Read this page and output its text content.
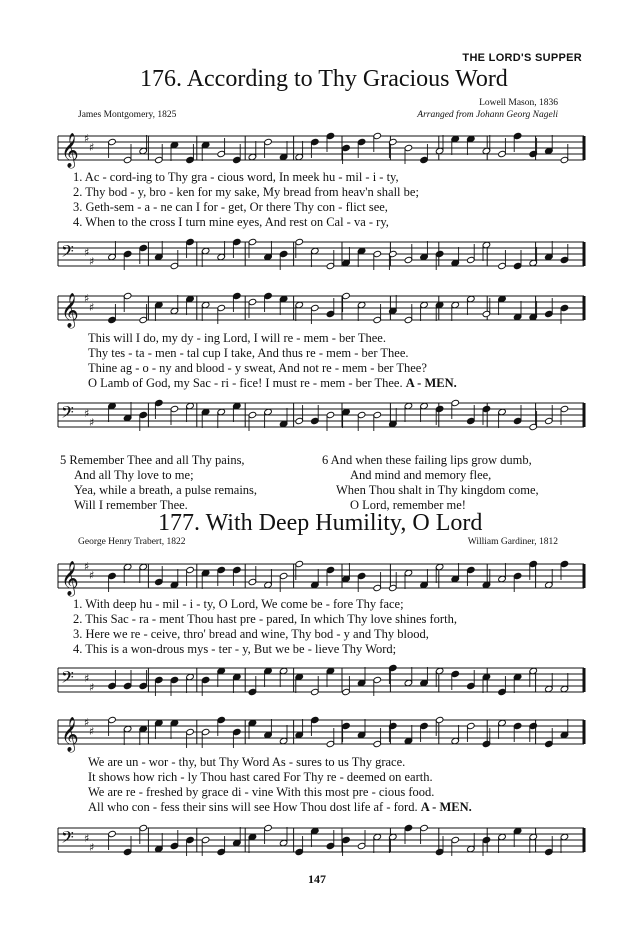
THE LORD'S SUPPER
176. According to Thy Gracious Word
Lowell Mason, 1836
James Montgomery, 1825	Arranged from Johann Georg Nageli
𝄞 ♯
♯
1. Ac - cord-ing to Thy gra - cious word, In meek hu - mil - i - ty,
2. Thy bod - y, bro - ken for my sake, My bread from heav'n shall be;
3. Geth-sem - a - ne can I for - get, Or there Thy con - flict see,
4. When to the cross I turn mine eyes, And rest on Cal - va - ry,
𝄢 ♯
♯
𝄞 ♯
♯
This will I do, my dy - ing Lord, I will re - mem - ber Thee.
Thy tes - ta - men - tal cup I take, And thus re - mem - ber Thee.
Thine ag - o - ny and blood - y sweat, And not re - mem - ber Thee?
O Lamb of God, my Sac - ri - fice! I must re - mem - ber Thee. A - MEN.
𝄢 ♯
♯
5 Remember Thee and all Thy pains,
And all Thy love to me;
Yea, while a breath, a pulse remains,
Will I remember Thee.
6 And when these failing lips grow dumb,
And mind and memory flee,
When Thou shalt in Thy kingdom come,
O Lord, remember me!
177. With Deep Humility, O Lord
George Henry Trabert, 1822	William Gardiner, 1812
𝄞 ♯
♯
1. With deep hu - mil - i - ty, O Lord, We come be - fore Thy face;
2. This Sac - ra - ment Thou hast pre - pared, In which Thy love shines forth,
3. Here we re - ceive, thro' bread and wine, Thy bod - y and Thy blood,
4. This is a won-drous mys - ter - y, But we be - lieve Thy Word;
𝄢 ♯
♯
𝄞 ♯
♯
We are un - wor - thy, but Thy Word As - sures to us Thy grace.
It shows how rich - ly Thou hast cared For Thy re - deemed on earth.
We are re - freshed by grace di - vine With this most pre - cious food.
All who con - fess their sins will see How Thou dost life af - ford. A - MEN.
𝄢 ♯
♯
147
